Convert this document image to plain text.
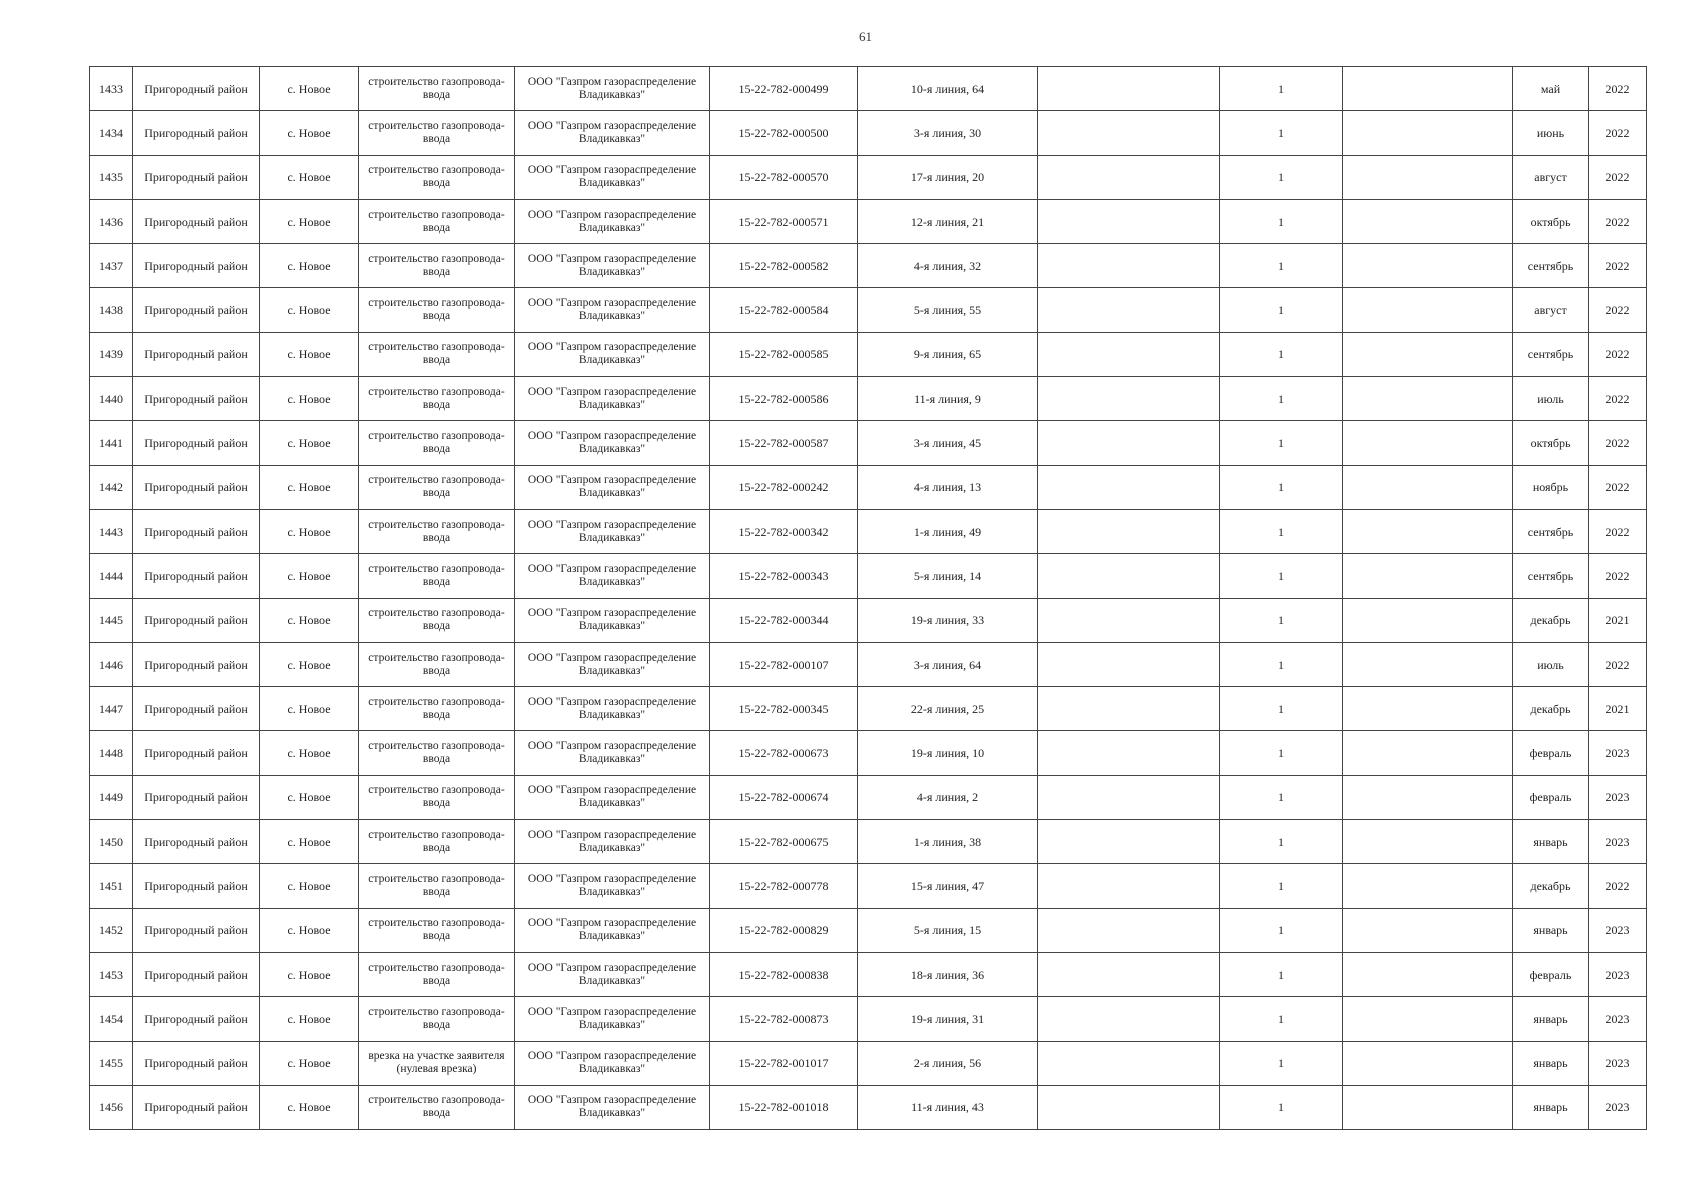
61
1433	Пригородный район	с. Новое	строительство газопровода-ввода	ООО "Газпром газораспределение Владикавказ"	15-22-782-000499	10-я линия, 64		1		май	2022
1434	Пригородный район	с. Новое	строительство газопровода-ввода	ООО "Газпром газораспределение Владикавказ"	15-22-782-000500	3-я линия, 30		1		июнь	2022
1435	Пригородный район	с. Новое	строительство газопровода-ввода	ООО "Газпром газораспределение Владикавказ"	15-22-782-000570	17-я линия, 20		1		август	2022
1436	Пригородный район	с. Новое	строительство газопровода-ввода	ООО "Газпром газораспределение Владикавказ"	15-22-782-000571	12-я линия, 21		1		октябрь	2022
1437	Пригородный район	с. Новое	строительство газопровода-ввода	ООО "Газпром газораспределение Владикавказ"	15-22-782-000582	4-я линия, 32		1		сентябрь	2022
1438	Пригородный район	с. Новое	строительство газопровода-ввода	ООО "Газпром газораспределение Владикавказ"	15-22-782-000584	5-я линия, 55		1		август	2022
1439	Пригородный район	с. Новое	строительство газопровода-ввода	ООО "Газпром газораспределение Владикавказ"	15-22-782-000585	9-я линия, 65		1		сентябрь	2022
1440	Пригородный район	с. Новое	строительство газопровода-ввода	ООО "Газпром газораспределение Владикавказ"	15-22-782-000586	11-я линия, 9		1		июль	2022
1441	Пригородный район	с. Новое	строительство газопровода-ввода	ООО "Газпром газораспределение Владикавказ"	15-22-782-000587	3-я линия, 45		1		октябрь	2022
1442	Пригородный район	с. Новое	строительство газопровода-ввода	ООО "Газпром газораспределение Владикавказ"	15-22-782-000242	4-я линия, 13		1		ноябрь	2022
1443	Пригородный район	с. Новое	строительство газопровода-ввода	ООО "Газпром газораспределение Владикавказ"	15-22-782-000342	1-я линия, 49		1		сентябрь	2022
1444	Пригородный район	с. Новое	строительство газопровода-ввода	ООО "Газпром газораспределение Владикавказ"	15-22-782-000343	5-я линия, 14		1		сентябрь	2022
1445	Пригородный район	с. Новое	строительство газопровода-ввода	ООО "Газпром газораспределение Владикавказ"	15-22-782-000344	19-я линия, 33		1		декабрь	2021
1446	Пригородный район	с. Новое	строительство газопровода-ввода	ООО "Газпром газораспределение Владикавказ"	15-22-782-000107	3-я линия, 64		1		июль	2022
1447	Пригородный район	с. Новое	строительство газопровода-ввода	ООО "Газпром газораспределение Владикавказ"	15-22-782-000345	22-я линия, 25		1		декабрь	2021
1448	Пригородный район	с. Новое	строительство газопровода-ввода	ООО "Газпром газораспределение Владикавказ"	15-22-782-000673	19-я линия, 10		1		февраль	2023
1449	Пригородный район	с. Новое	строительство газопровода-ввода	ООО "Газпром газораспределение Владикавказ"	15-22-782-000674	4-я линия, 2		1		февраль	2023
1450	Пригородный район	с. Новое	строительство газопровода-ввода	ООО "Газпром газораспределение Владикавказ"	15-22-782-000675	1-я линия, 38		1		январь	2023
1451	Пригородный район	с. Новое	строительство газопровода-ввода	ООО "Газпром газораспределение Владикавказ"	15-22-782-000778	15-я линия, 47		1		декабрь	2022
1452	Пригородный район	с. Новое	строительство газопровода-ввода	ООО "Газпром газораспределение Владикавказ"	15-22-782-000829	5-я линия, 15		1		январь	2023
1453	Пригородный район	с. Новое	строительство газопровода-ввода	ООО "Газпром газораспределение Владикавказ"	15-22-782-000838	18-я линия, 36		1		февраль	2023
1454	Пригородный район	с. Новое	строительство газопровода-ввода	ООО "Газпром газораспределение Владикавказ"	15-22-782-000873	19-я линия, 31		1		январь	2023
1455	Пригородный район	с. Новое	врезка на участке заявителя (нулевая врезка)	ООО "Газпром газораспределение Владикавказ"	15-22-782-001017	2-я линия, 56		1		январь	2023
1456	Пригородный район	с. Новое	строительство газопровода-ввода	ООО "Газпром газораспределение Владикавказ"	15-22-782-001018	11-я линия, 43		1		январь	2023
